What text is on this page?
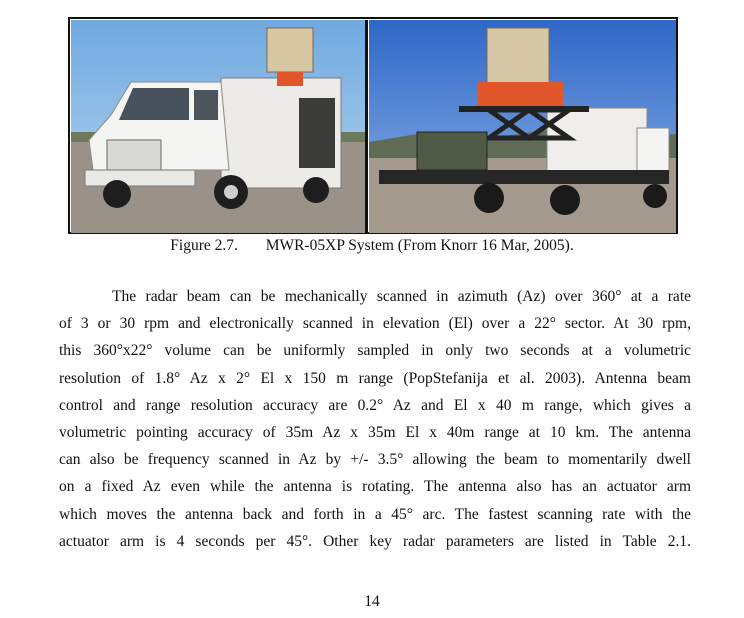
Figure 2.7. MWR-05XP System (From Knorr 16 Mar, 2005).
The radar beam can be mechanically scanned in azimuth (Az) over 360° at a rate
of 3 or 30 rpm and electronically scanned in elevation (El) over a 22° sector. At 30 rpm,
this 360°x22° volume can be uniformly sampled in only two seconds at a volumetric
resolution of 1.8° Az x 2° El x 150 m range (PopStefanija et al. 2003). Antenna beam
control and range resolution accuracy are 0.2° Az and El x 40 m range, which gives a
volumetric pointing accuracy of 35m Az x 35m El x 40m range at 10 km. The antenna
can also be frequency scanned in Az by +/- 3.5° allowing the beam to momentarily dwell
on a fixed Az even while the antenna is rotating. The antenna also has an actuator arm
which moves the antenna back and forth in a 45° arc. The fastest scanning rate with the
actuator arm is 4 seconds per 45°. Other key radar parameters are listed in Table 2.1.
14
